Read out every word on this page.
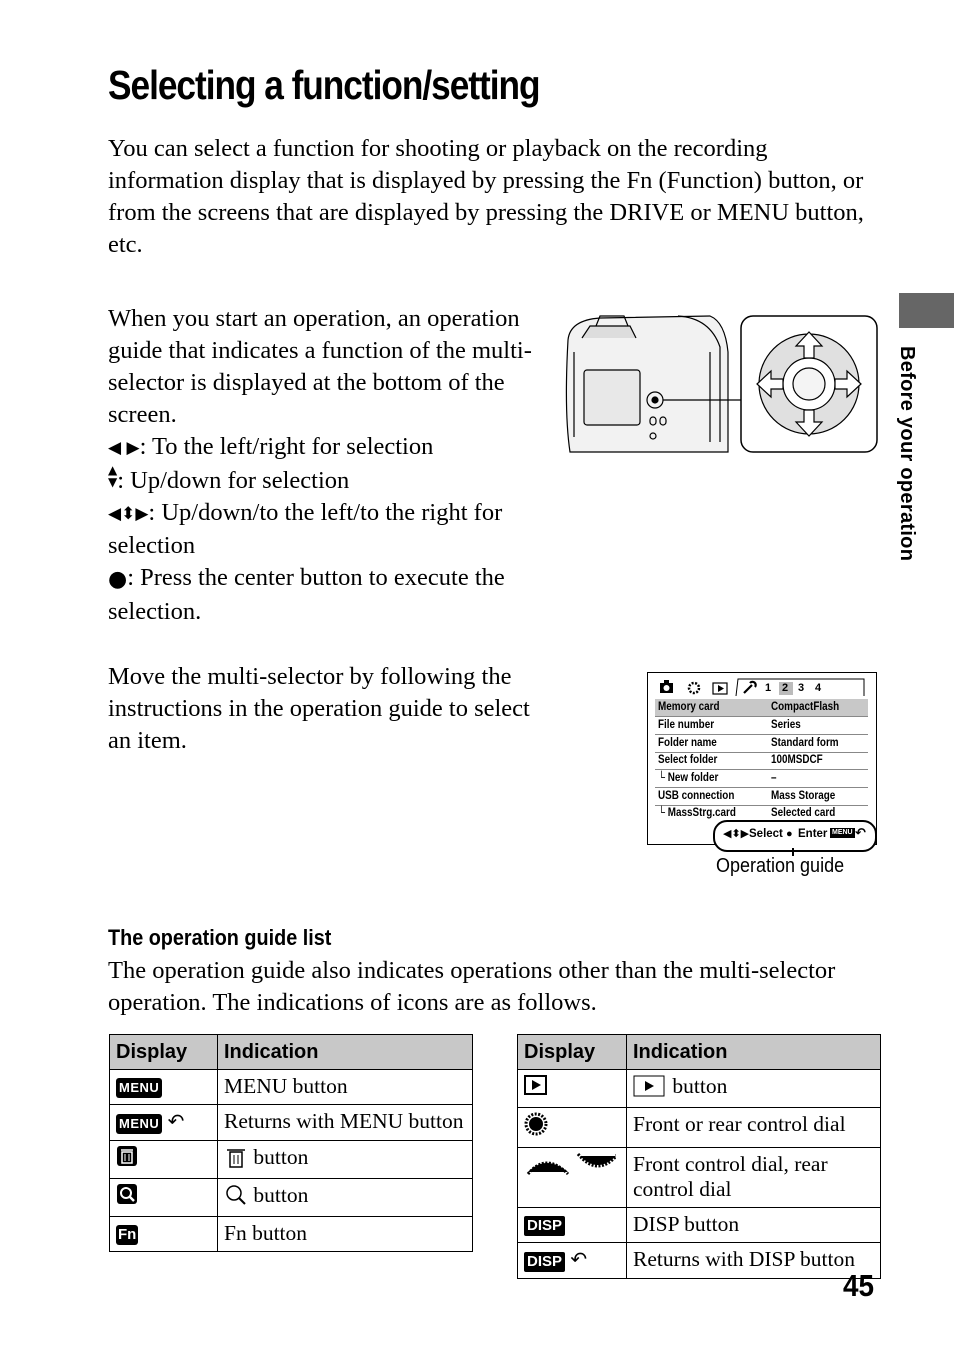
Selecting a function/setting
You can select a function for shooting or playback on the recording information display that is displayed by pressing the Fn (Function) button, or from the screens that are displayed by pressing the DRIVE or MENU button, etc.
Before your operation
When you start an operation, an operation guide that indicates a function of the multi-selector is displayed at the bottom of the screen.
◀ ▶: To the left/right for selection
▲
▼: Up/down for selection
◀⬍▶: Up/down/to the left/to the right for selection
●: Press the center button to execute the selection.
Move the multi-selector by following the instructions in the operation guide to select an item.
1 2 3 4
Memory card	CompactFlash
File number	Series
Folder name	Standard form
Select folder	100MSDCF
└ New folder	–
USB connection	Mass Storage
└ MassStrg.card	Selected card
◀⬍▶ Select ● Enter MENU ↶
Operation guide
The operation guide list
The operation guide also indicates operations other than the multi-selector operation. The indications of icons are as follows.
Display	Indication
MENU	MENU button
MENU ↶	Returns with MENU button
	button
	button
Fn	Fn button
Display	Indication
	button
	Front or rear control dial
	Front control dial, rear control dial
DISP	DISP button
DISP ↶	Returns with DISP button
45
